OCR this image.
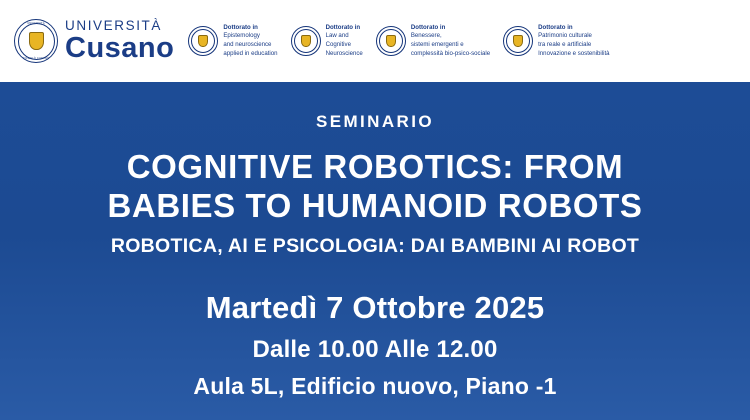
UNIVERSITÀ
NICCOLÒ CUSANO
UNIVERSITÀ
Cusano
Dottorato in
Epistemology
and neuroscience
applied in education
Dottorato in
Law and
Cognitive
Neuroscience
Dottorato in
Benessere,
sistemi emergenti e
complessità bio-psico-sociale
Dottorato in
Patrimonio culturale
tra reale e artificiale
Innovazione e sostenibilità
SEMINARIO
COGNITIVE ROBOTICS: FROM
BABIES TO HUMANOID ROBOTS
ROBOTICA, AI E PSICOLOGIA: DAI BAMBINI AI ROBOT
Martedì 7 Ottobre 2025
Dalle 10.00 Alle 12.00
Aula 5L, Edificio nuovo, Piano -1
